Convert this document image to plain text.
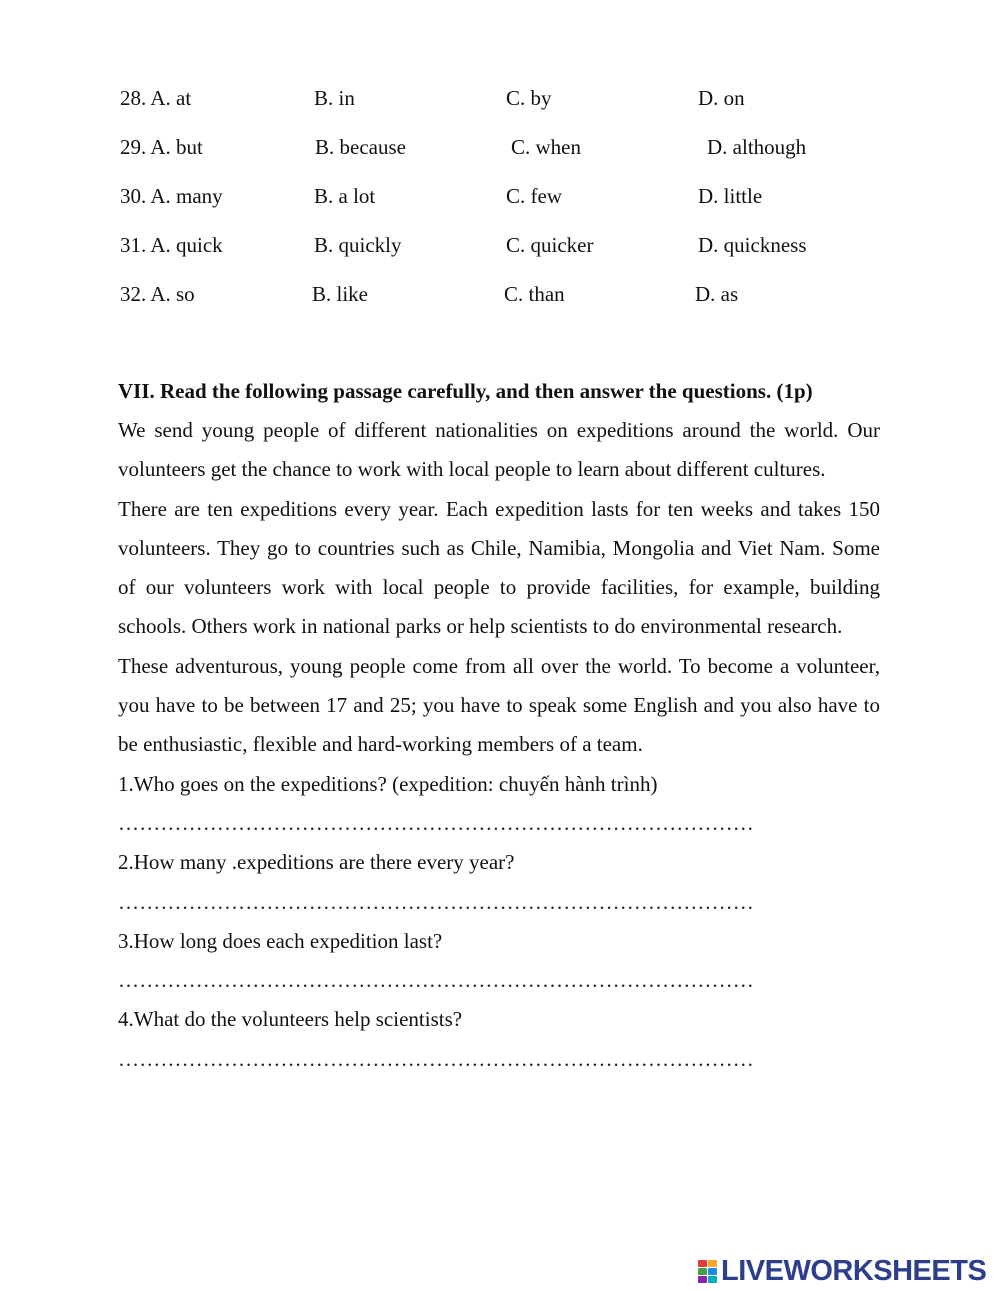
28. A. at	B. in	C. by	D. on
29. A. but	B. because	C. when	D. although
30. A. many	B. a lot	C. few	D. little
31. A. quick	B. quickly	C. quicker	D. quickness
32. A. so	B. like	C. than	D. as
VII. Read the following passage carefully, and then answer the questions. (1p)

We send young people of different nationalities on expeditions around the world. Our volunteers get the chance to work with local people to learn about different cultures.

There are ten expeditions every year. Each expedition lasts for ten weeks and takes 150 volunteers. They go to countries such as Chile, Namibia, Mongolia and Viet Nam. Some of our volunteers work with local people to provide facilities, for example, building schools. Others work in national parks or help scientists to do environmental research.

These adventurous, young people come from all over the world. To become a volunteer, you have to be between 17 and 25; you have to speak some English and you also have to be enthusiastic, flexible and hard-working members of a team.

1.Who goes on the expeditions? (expedition: chuyến hành trình)

………………………………………………………………………………

2.How many .expeditions are there every year?

………………………………………………………………………………

3.How long does each expedition last?

………………………………………………………………………………

4.What do the volunteers help scientists?

………………………………………………………………………………

LIVEWORKSHEETS
